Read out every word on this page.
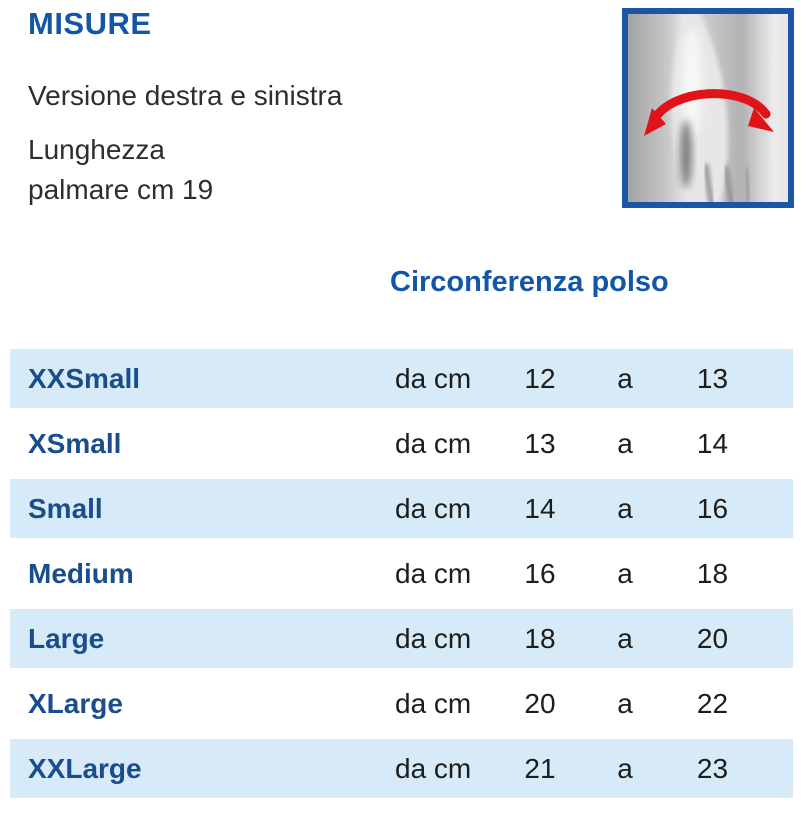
MISURE

Versione destra e sinistra

Lunghezza
palmare cm 19

Circonferenza polso
XXSmall	da cm	12	a	13
XSmall	da cm	13	a	14
Small	da cm	14	a	16
Medium	da cm	16	a	18
Large	da cm	18	a	20
XLarge	da cm	20	a	22
XXLarge	da cm	21	a	23
